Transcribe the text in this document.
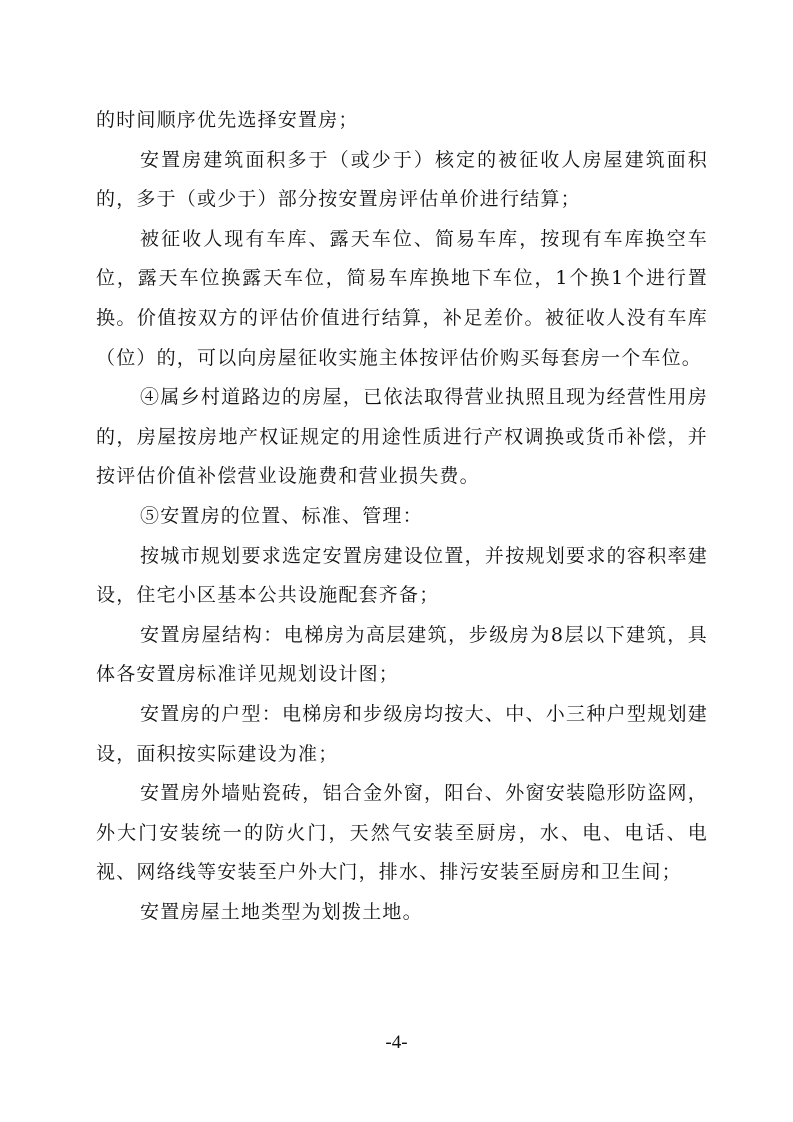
的时间顺序优先选择安置房；

安置房建筑面积多于（或少于）核定的被征收人房屋建筑面积的，多于（或少于）部分按安置房评估单价进行结算；

被征收人现有车库、露天车位、简易车库，按现有车库换空车位，露天车位换露天车位，简易车库换地下车位，1个换1个进行置换。价值按双方的评估价值进行结算，补足差价。被征收人没有车库（位）的，可以向房屋征收实施主体按评估价购买每套房一个车位。

④属乡村道路边的房屋，已依法取得营业执照且现为经营性用房的，房屋按房地产权证规定的用途性质进行产权调换或货币补偿，并按评估价值补偿营业设施费和营业损失费。

⑤安置房的位置、标准、管理：

按城市规划要求选定安置房建设位置，并按规划要求的容积率建设，住宅小区基本公共设施配套齐备；

安置房屋结构：电梯房为高层建筑，步级房为8层以下建筑，具体各安置房标准详见规划设计图；

安置房的户型：电梯房和步级房均按大、中、小三种户型规划建设，面积按实际建设为准；

安置房外墙贴瓷砖，铝合金外窗，阳台、外窗安装隐形防盗网，外大门安装统一的防火门，天然气安装至厨房，水、电、电话、电视、网络线等安装至户外大门，排水、排污安装至厨房和卫生间；

安置房屋土地类型为划拨土地。

-4-
